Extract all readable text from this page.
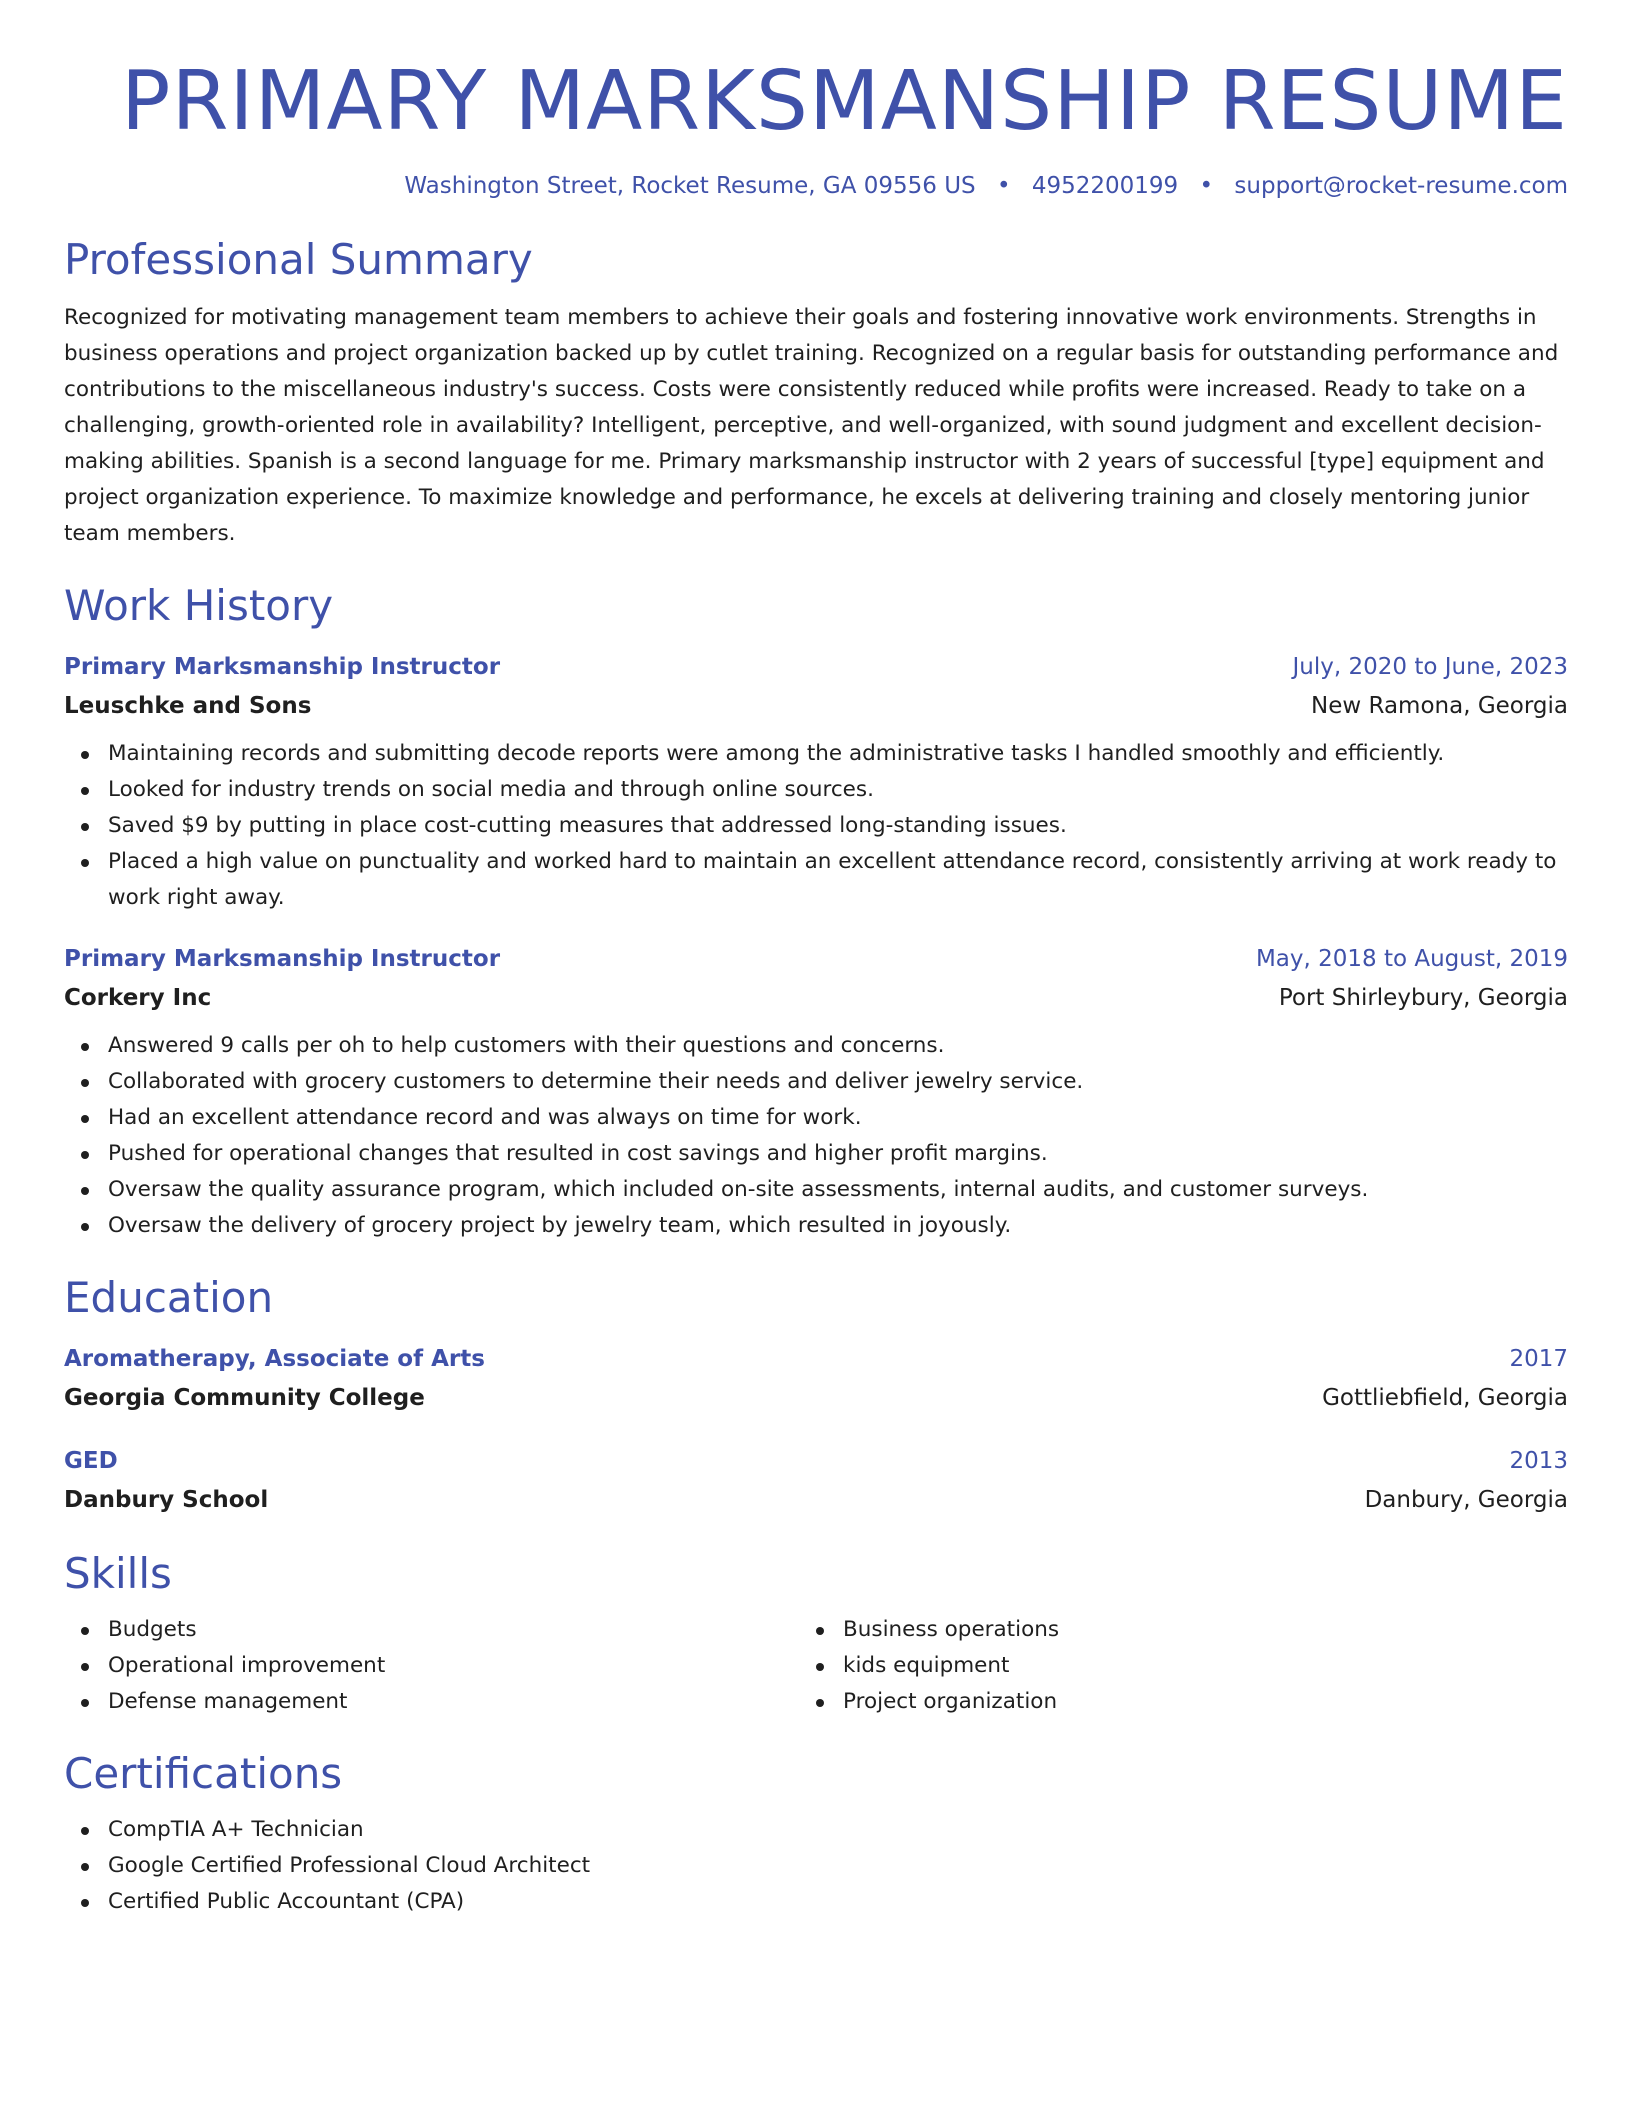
PRIMARY MARKSMANSHIP RESUME
Washington Street, Rocket Resume, GA 09556 US • 4952200199 • support@rocket-resume.com
Professional Summary

Recognized for motivating management team members to achieve their goals and fostering innovative work environments. Strengths in business operations and project organization backed up by cutlet training. Recognized on a regular basis for outstanding performance and contributions to the miscellaneous industry's success. Costs were consistently reduced while profits were increased. Ready to take on a challenging, growth-oriented role in availability? Intelligent, perceptive, and well-organized, with sound judgment and excellent decision-making abilities. Spanish is a second language for me. Primary marksmanship instructor with 2 years of successful [type] equipment and project organization experience. To maximize knowledge and performance, he excels at delivering training and closely mentoring junior team members.

Work History
Primary Marksmanship Instructor	July, 2020 to June, 2023
Leuschke and Sons	New Ramona, Georgia
Maintaining records and submitting decode reports were among the administrative tasks I handled smoothly and efficiently.
Looked for industry trends on social media and through online sources.
Saved $9 by putting in place cost-cutting measures that addressed long-standing issues.
Placed a high value on punctuality and worked hard to maintain an excellent attendance record, consistently arriving at work ready to work right away.
Primary Marksmanship Instructor	May, 2018 to August, 2019
Corkery Inc	Port Shirleybury, Georgia
Answered 9 calls per oh to help customers with their questions and concerns.
Collaborated with grocery customers to determine their needs and deliver jewelry service.
Had an excellent attendance record and was always on time for work.
Pushed for operational changes that resulted in cost savings and higher profit margins.
Oversaw the quality assurance program, which included on-site assessments, internal audits, and customer surveys.
Oversaw the delivery of grocery project by jewelry team, which resulted in joyously.
Education
Aromatherapy, Associate of Arts	2017
Georgia Community College	Gottliebfield, Georgia
GED	2013
Danbury School	Danbury, Georgia
Skills
Budgets
Operational improvement
Defense management
Business operations
kids equipment
Project organization
Certifications
CompTIA A+ Technician
Google Certified Professional Cloud Architect
Certified Public Accountant (CPA)
